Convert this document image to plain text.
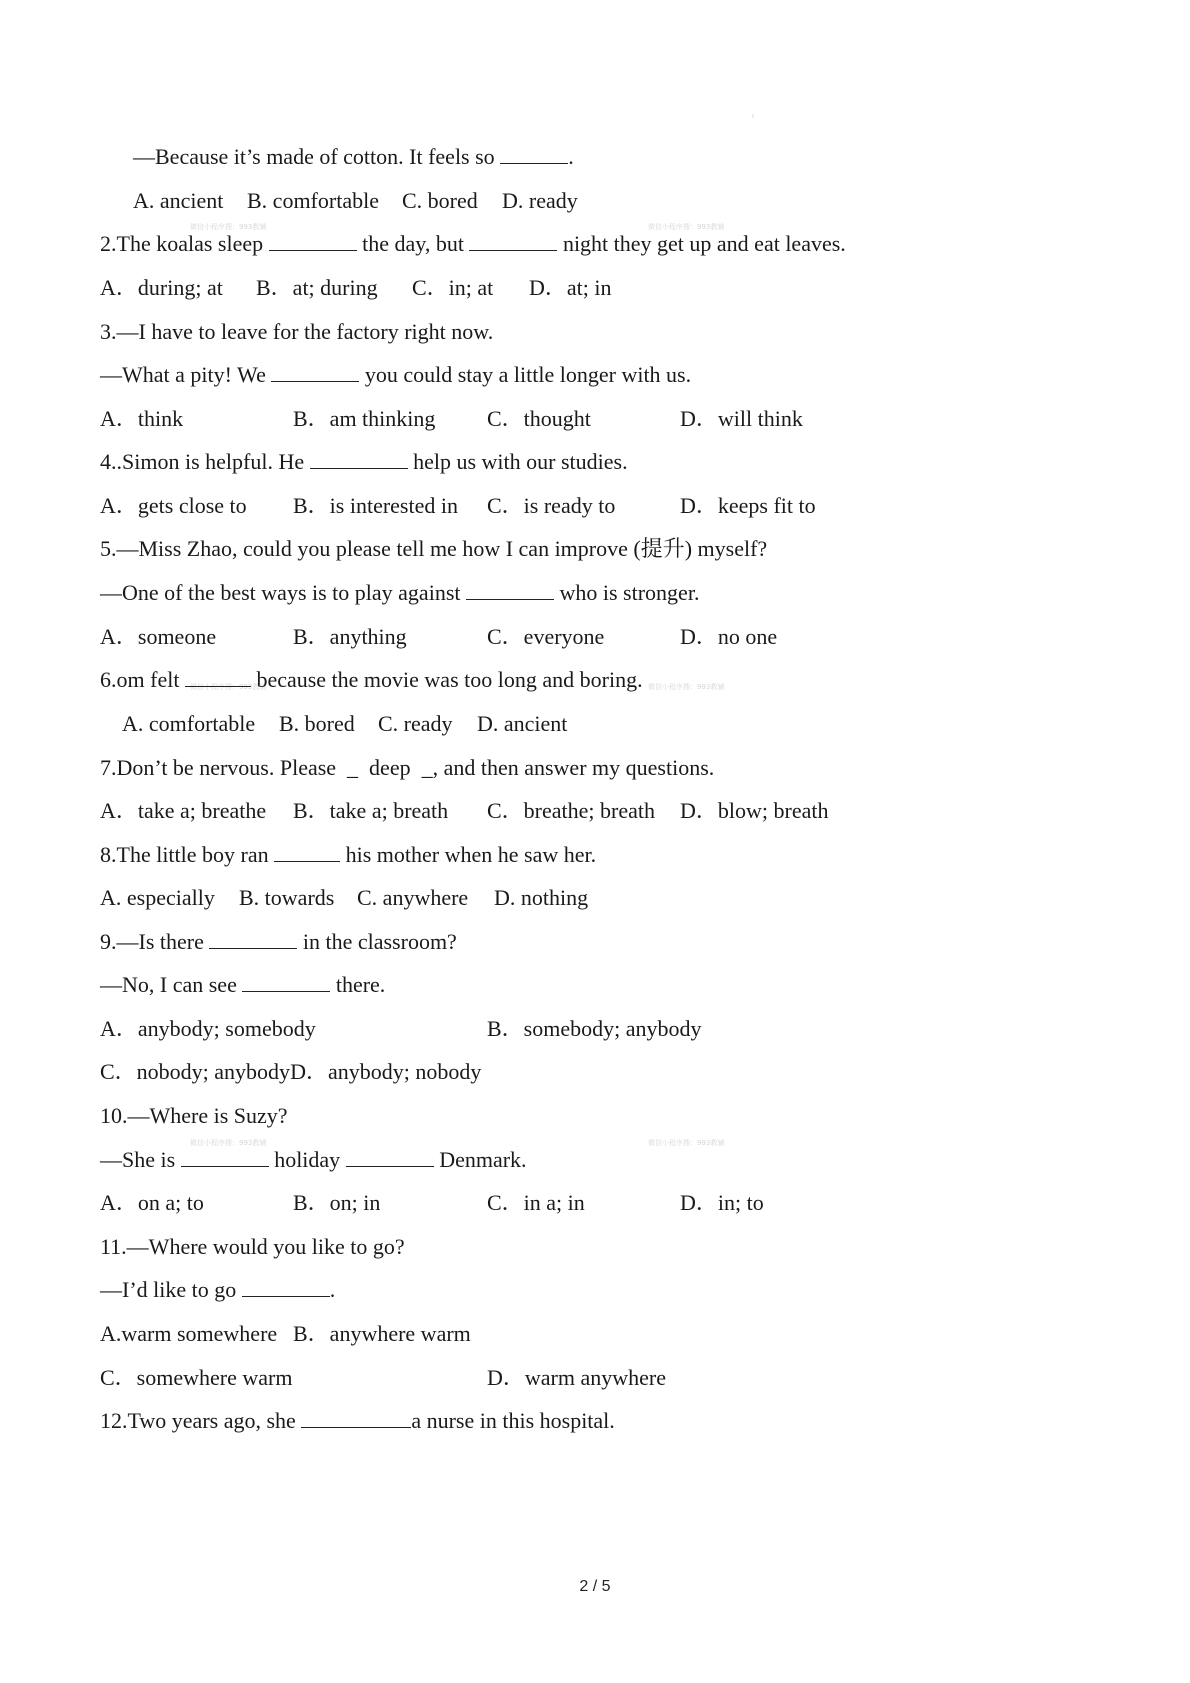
ι
微信小程序搜：993教辅	微信小程序搜：993教辅
微信小程序搜：993教辅	微信小程序搜：993教辅
微信小程序搜：993教辅	微信小程序搜：993教辅
—Because it’s made of cotton. It feels so	.
A. ancient B. comfortable C. bored D. ready
2.The koalas sleep	the day, but	night they get up and eat leaves.
A．during; at B．at; during C．in; at D．at; in
3.—I have to leave for the factory right now.
—What a pity! We	you could stay a little longer with us.
A．think	B．am thinking C．thought	D．will think
4..Simon is helpful. He	help us with our studies.
A．gets close to B．is interested in C．is ready to	D．keeps fit to
5.—Miss Zhao, could you please tell me how I can improve (提升) myself?
—One of the best ways is to play against	who is stronger.
A．someone	B．anything	C．everyone	D．no one
6.om felt	because the movie was too long and boring.
A. comfortable B. bored C. ready D. ancient
7.Don’t be nervous. Please  _  deep  _, and then answer my questions.
A．take a; breathe B．take a; breath C．breathe; breath D．blow; breath
8.The little boy ran	his mother when he saw her.
A. especially B. towards C. anywhere D. nothing
9.—Is there	in the classroom?
—No, I can see	there.
A．anybody; somebody	B．somebody; anybody
C．nobody; anybodyD．anybody; nobody
10.—Where is Suzy?
—She is	holiday	Denmark.
A．on a; to	B．on; in	C．in a; in	D．in; to
11.—Where would you like to go?
—I’d like to go	.
A.warm somewhere B．anywhere warm
C．somewhere warm	D．warm anywhere
12.Two years ago, she	a nurse in this hospital.
2 / 5
